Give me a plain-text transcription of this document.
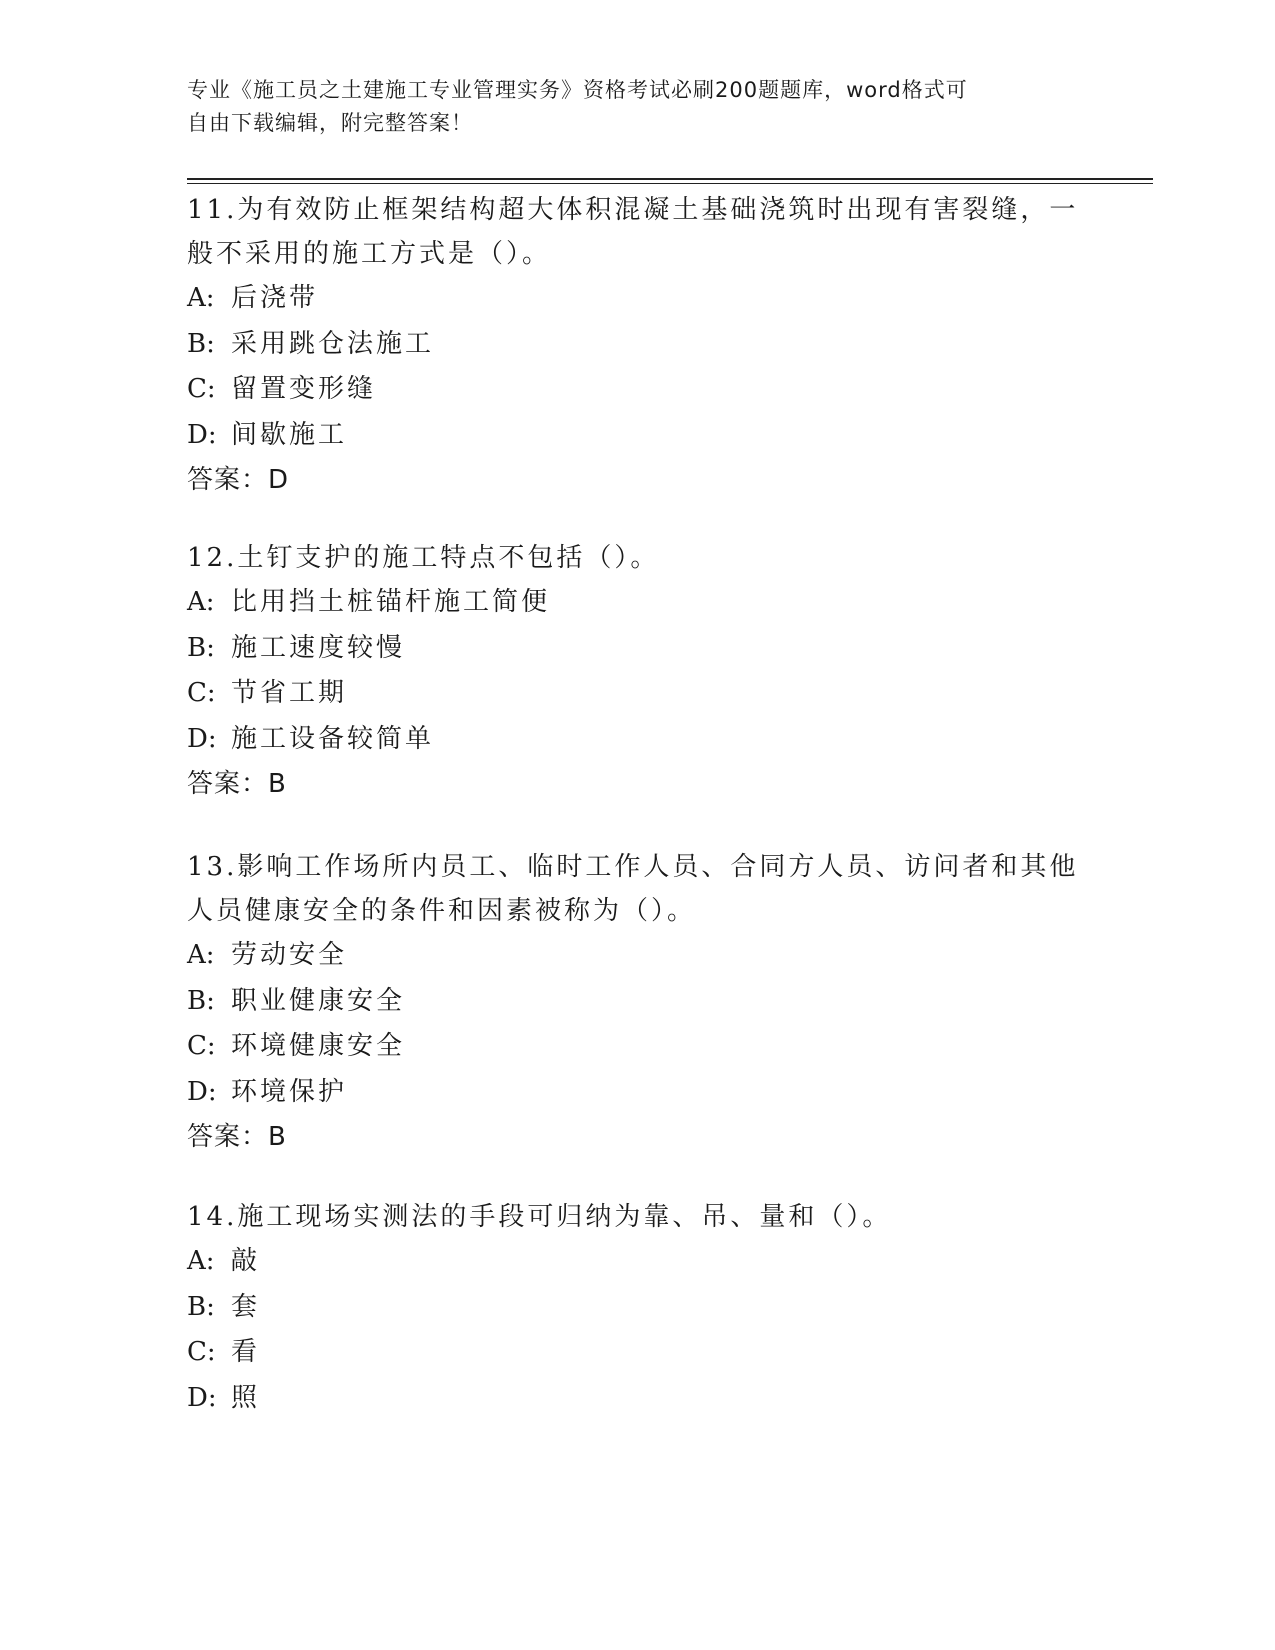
专业《施工员之土建施工专业管理实务》资格考试必刷200题题库，word格式可
自由下载编辑，附完整答案！
11.为有效防止框架结构超大体积混凝土基础浇筑时出现有害裂缝，一
般不采用的施工方式是（）。
A: 后浇带
B: 采用跳仓法施工
C: 留置变形缝
D: 间歇施工
答案：D
12.土钉支护的施工特点不包括（）。
A: 比用挡土桩锚杆施工简便
B: 施工速度较慢
C: 节省工期
D: 施工设备较简单
答案：B
13.影响工作场所内员工、临时工作人员、合同方人员、访问者和其他
人员健康安全的条件和因素被称为（）。
A: 劳动安全
B: 职业健康安全
C: 环境健康安全
D: 环境保护
答案：B
14.施工现场实测法的手段可归纳为靠、吊、量和（）。
A: 敲
B: 套
C: 看
D: 照
